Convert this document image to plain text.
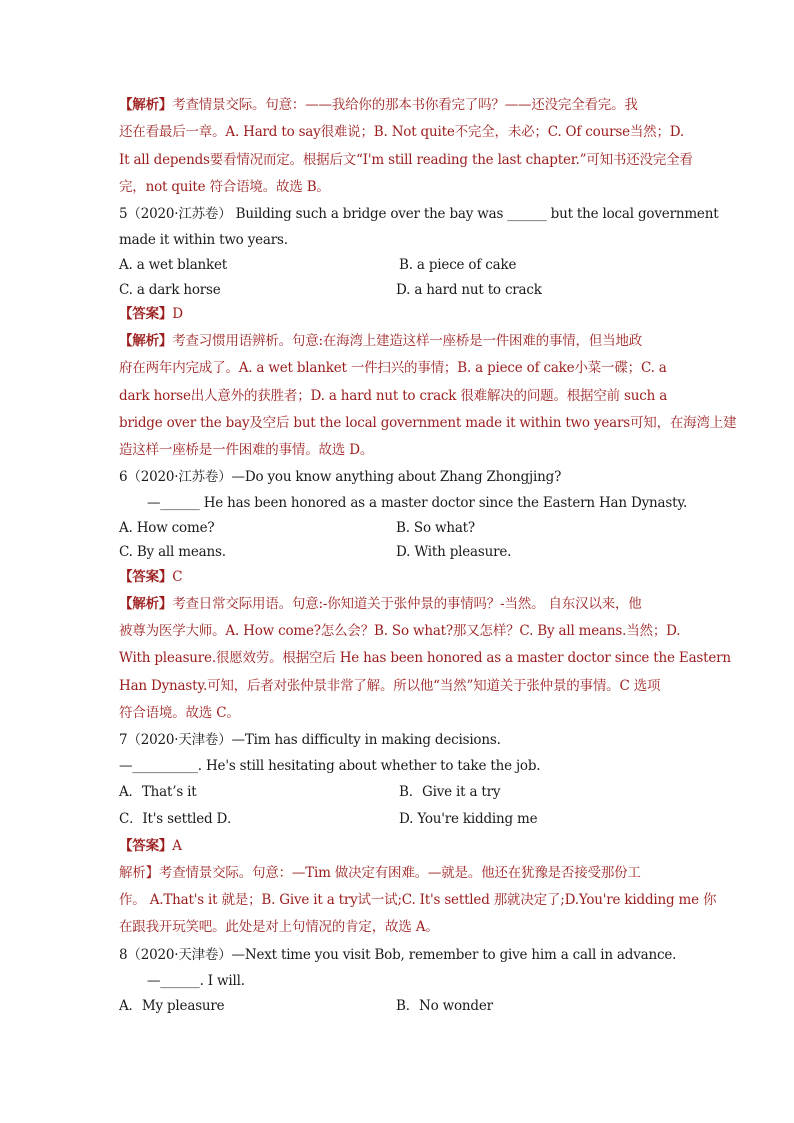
【解析】考查情景交际。句意：——我给你的那本书你看完了吗？——还没完全看完。我
还在看最后一章。A. Hard to say很难说；B. Not quite不完全，未必；C. Of course当然；D.
It all depends要看情况而定。根据后文“I'm still reading the last chapter.”可知书还没完全看
完，not quite 符合语境。故选 B。
5（2020·江苏卷） Building such a bridge over the bay was ______ but the local government
made it within two years.
A. a wet blanket	B. a piece of cake
C. a dark horse	D. a hard nut to crack
【答案】D
【解析】考查习惯用语辨析。句意:在海湾上建造这样一座桥是一件困难的事情，但当地政
府在两年内完成了。A. a wet blanket 一件扫兴的事情；B. a piece of cake小菜一碟；C. a
dark horse出人意外的获胜者；D. a hard nut to crack 很难解决的问题。根据空前 such a
bridge over the bay及空后 but the local government made it within two years可知，在海湾上建
造这样一座桥是一件困难的事情。故选 D。
6（2020·江苏卷）—Do you know anything about Zhang Zhongjing?
—______ He has been honored as a master doctor since the Eastern Han Dynasty.
A. How come?	B. So what?
C. By all means.	D. With pleasure.
【答案】C
【解析】考查日常交际用语。句意:-你知道关于张仲景的事情吗？-当然。 自东汉以来，他
被尊为医学大师。A. How come?怎么会？B. So what?那又怎样？C. By all means.当然；D.
With pleasure.很愿效劳。根据空后 He has been honored as a master doctor since the Eastern
Han Dynasty.可知，后者对张仲景非常了解。所以他“当然”知道关于张仲景的事情。C 选项
符合语境。故选 C。
7（2020·天津卷）—Tim has difficulty in making decisions.
—__________. He's still hesitating about whether to take the job.
A．That’s it	B．Give it a try
C．It's settled D．	D. You're kidding me
【答案】A
解析】考查情景交际。句意：—Tim 做决定有困难。—就是。他还在犹豫是否接受那份工
作。 A.That's it 就是；B. Give it a try试一试;C. It's settled 那就决定了;D.You're kidding me 你
在跟我开玩笑吧。此处是对上句情况的肯定，故选 A。
8（2020·天津卷）—Next time you visit Bob, remember to give him a call in advance.
—______. I will.
A．My pleasure	B．No wonder
